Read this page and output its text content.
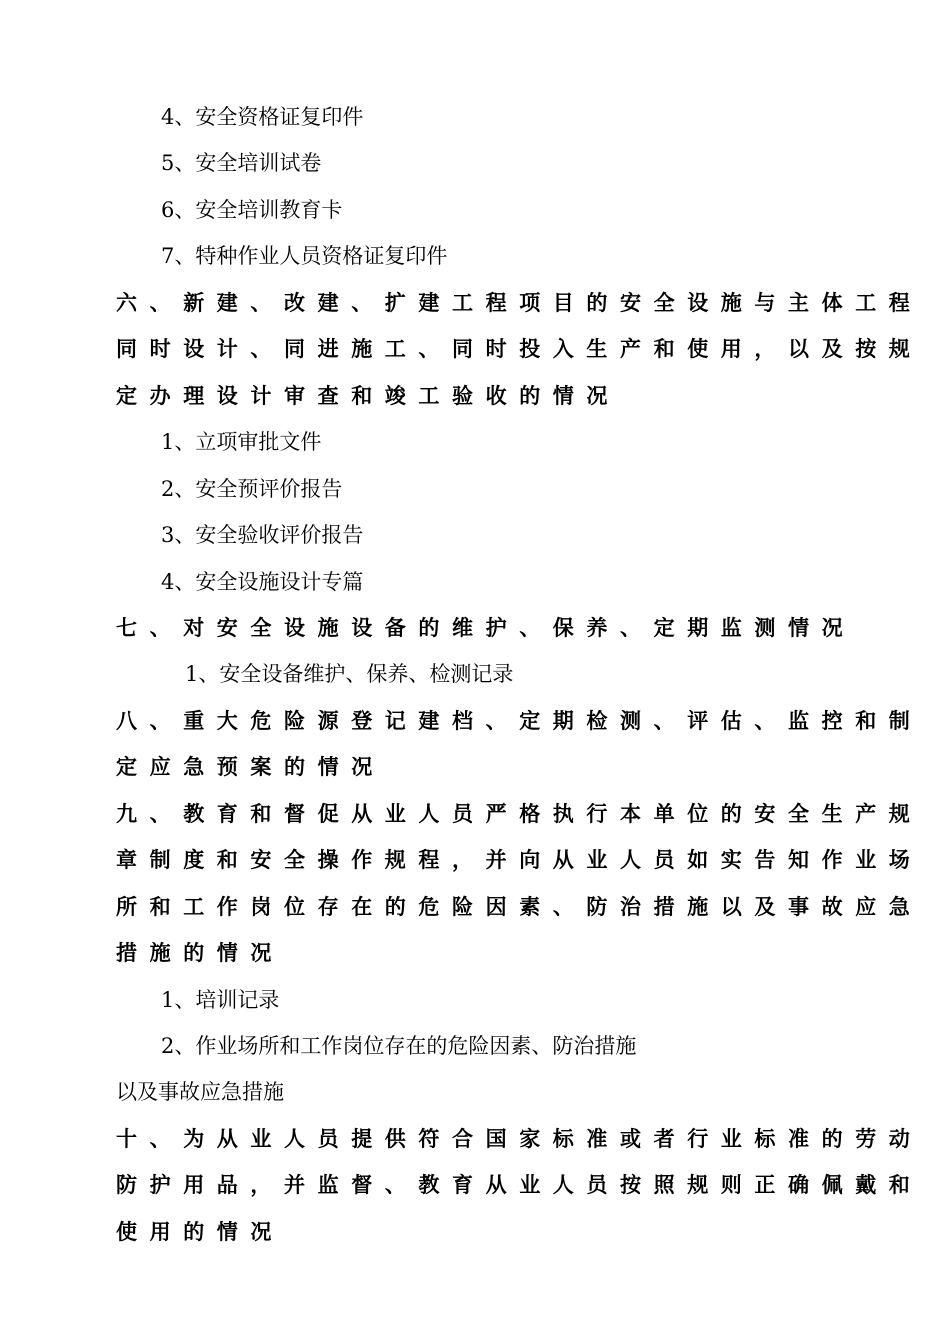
4、安全资格证复印件
5、安全培训试卷
6、安全培训教育卡
7、特种作业人员资格证复印件
六、新建、改建、扩建工程项目的安全设施与主体工程
同时设计、同进施工、同时投入生产和使用，以及按规
定办理设计审查和竣工验收的情况
1、立项审批文件
2、安全预评价报告
3、安全验收评价报告
4、安全设施设计专篇
七、对安全设施设备的维护、保养、定期监测情况
1、安全设备维护、保养、检测记录
八、重大危险源登记建档、定期检测、评估、监控和制
定应急预案的情况
九、教育和督促从业人员严格执行本单位的安全生产规
章制度和安全操作规程，并向从业人员如实告知作业场
所和工作岗位存在的危险因素、防治措施以及事故应急
措施的情况
1、培训记录
2、作业场所和工作岗位存在的危险因素、防治措施
以及事故应急措施
十、为从业人员提供符合国家标准或者行业标准的劳动
防护用品，并监督、教育从业人员按照规则正确佩戴和
使用的情况
